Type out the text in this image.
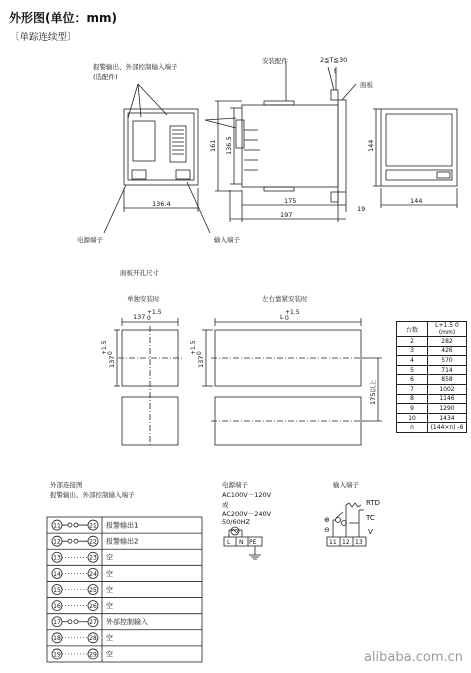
外形图(单位：mm)
〔单踪连续型〕
报警输出、外部控制输入端子
(选配件)
安装配件	2≦T≦30
t
面板
电源端子	输入端子
面板开孔尺寸
单独安装时	左右靠紧安装时
台数	L+1.5 0 (mm)
2	282
3	426
4	570
5	714
6	858
7	1002
8	1146
9	1290
10	1434
n	(144×n) -6
外部连接图
报警输出、外部控制输入端子
电源端子
AC100V－120V
或
AC200V－240V
50/60HZ
输入端子
136.4	175
197
19
144
161 136.5	144
137
+1.5
0
137
+1.5 0
L
+1.5
0
137
+1.5 0
175以上
L N PE
RTD
TC
V
⊕
⊖
11 12 13
11	21 报警输出1
12	22 报警输出2
13	23 空
14	24 空
15	25 空
16	26 空
17	27 外部控制输入
18	28 空
19	29 空	alibaba.com.cn
